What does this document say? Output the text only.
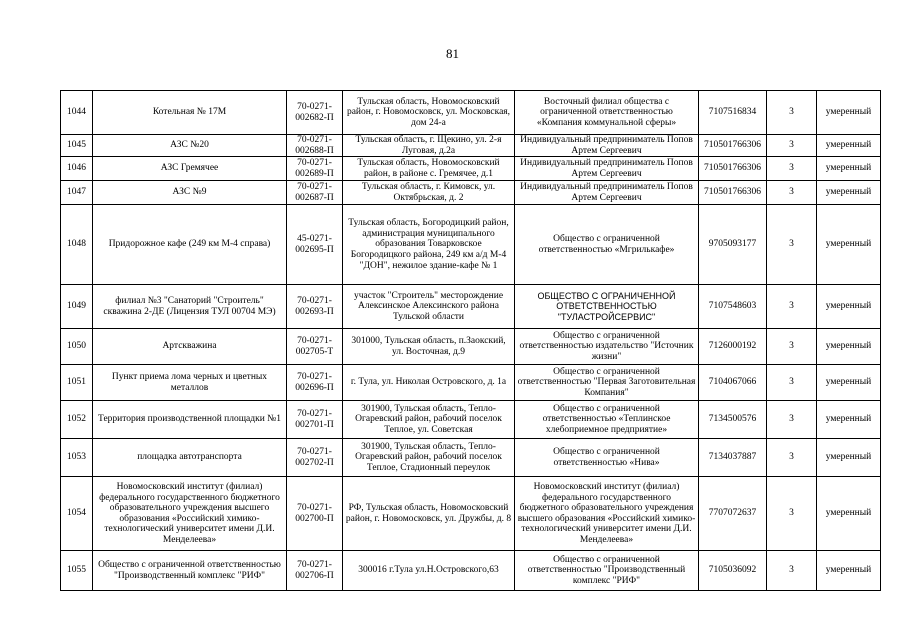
81
1044	Котельная № 17М	70-0271-002682-П	Тульская область, Новомосковский район, г. Новомосковск, ул. Московская, дом 24-а	Восточный филиал общества с ограниченной ответственностью «Компания коммунальной сферы»	7107516834	3	умеренный
1045	АЗС №20	70-0271-002688-П	Тульская область, г. Щекино, ул. 2-я Луговая, д.2а	Индивидуальный предприниматель Попов Артем Сергеевич	710501766306	3	умеренный
1046	АЗС Гремячее	70-0271-002689-П	Тульская область, Новомосковский район, в районе с. Гремячее, д.1	Индивидуальный предприниматель Попов Артем Сергеевич	710501766306	3	умеренный
1047	АЗС №9	70-0271-002687-П	Тульская область, г. Кимовск, ул. Октябрьская, д. 2	Индивидуальный предприниматель Попов Артем Сергеевич	710501766306	3	умеренный
1048	Придорожное кафе (249 км М-4 справа)	45-0271-002695-П	Тульская область, Богородицкий район, администрация муниципального образования Товарковское Богородицкого района, 249 км а/д М-4 "ДОН", нежилое здание-кафе № 1	Общество с ограниченной ответственностью «Мгрилькафе»	9705093177	3	умеренный
1049	филиал №3 "Санаторий "Строитель" скважина 2-ДЕ (Лицензия ТУЛ 00704 МЭ)	70-0271-002693-П	участок "Строитель" месторождение Алексинское Алексинского района Тульской области	ОБЩЕСТВО С ОГРАНИЧЕННОЙ ОТВЕТСТВЕННОСТЬЮ "ТУЛАСТРОЙСЕРВИС"	7107548603	3	умеренный
1050	Артскважина	70-0271-002705-Т	301000, Тульская область, п.Заокский, ул. Восточная, д.9	Общество с ограниченной ответственностью издательство "Источник жизни"	7126000192	3	умеренный
1051	Пункт приема лома черных и цветных металлов	70-0271-002696-П	г. Тула, ул. Николая Островского, д. 1а	Общество с ограниченной ответственностью "Первая Заготовительная Компания"	7104067066	3	умеренный
1052	Территория производственной площадки №1	70-0271-002701-П	301900, Тульская область, Тепло-Огаревский район, рабочий поселок Теплое, ул. Советская	Общество с ограниченной ответственностью «Теплинское хлебоприемное предприятие»	7134500576	3	умеренный
1053	площадка автотранспорта	70-0271-002702-П	301900, Тульская область, Тепло-Огаревский район, рабочий поселок Теплое, Стадионный переулок	Общество с ограниченной ответственностью «Нива»	7134037887	3	умеренный
1054	Новомосковский институт (филиал) федерального государственного бюджетного образовательного учреждения высшего образования «Российский химико-технологический университет имени Д.И. Менделеева»	70-0271-002700-П	РФ, Тульская область, Новомосковский район, г. Новомосковск, ул. Дружбы, д. 8	Новомосковский институт (филиал) федерального государственного бюджетного образовательного учреждения высшего образования «Российский химико-технологический университет имени Д.И. Менделеева»	7707072637	3	умеренный
1055	Общество с ограниченной ответственностью "Производственный комплекс "РИФ"	70-0271-002706-П	300016 г.Тула ул.Н.Островского,63	Общество с ограниченной ответственностью "Производственный комплекс "РИФ"	7105036092	3	умеренный
